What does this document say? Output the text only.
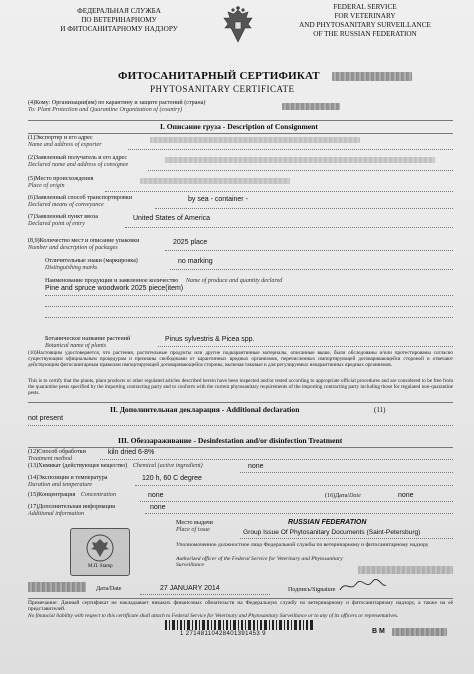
ФЕДЕРАЛЬНАЯ СЛУЖБА
ПО ВЕТЕРИНАРНОМУ
И ФИТОСАНИТАРНОМУ НАДЗОРУ
FEDERAL SERVICE
FOR VETERINARY
AND PHYTOSANITARY SURVEILLANCE
OF THE RUSSIAN FEDERATION
ФИТОСАНИТАРНЫЙ СЕРТИФИКАТ
PHYTOSANITARY CERTIFICATE
(4)Кому: Организации(ям) по карантину и защите растений (страна)
To: Plant Protection and Quarantine Organization of (country)
I. Описание груза - Description of Consignment
(1)Экспортер и его адрес
Name and address of exporter
(2)Заявленный получатель и его адрес
Declared name and address of consignee
(5)Место происхождения
Place of origin
(6)Заявленный способ транспортировки
Declared means of conveyance
by sea - container -
(7)Заявленный пункт ввоза
Declared point of entry
United States of America
(8,9)Количество мест и описание упаковки
Number and description of packages
2025 place
Отличительные знаки (маркировка)
Distinguishing marks
no marking
Наименование продукции и заявленное количество Name of produce and quantity declared
Pine and spruce woodwork 2025 piece(item)
Ботаническое название растений
Botanical name of plants
Pinus sylvestris & Picea spp.
(10)Настоящим удостоверяется, что растения, растительные продукты или другие подкарантинные материалы, описанные выше, были обследованы и/или протестированы согласно существующим официальным процедурам и признаны свободными от карантинных вредных организмов, перечисленных импортирующей договаривающейся стороной и отвечают действующим фитосанитарным правилам импортирующей договаривающейся стороны, включая таковые и для регулируемых некарантинных вредных организмов.
This is to certify that the plants, plant products or other regulated articles described herein have been inspected and/or tested according to appropriate official procedures and are considered to be free from the quarantine pests specified by the importing contracting party and to conform with the current phytosanitary requirements of the importing contracting party including those for regulated non-quarantine pests.
II. Дополнительная декларация - Additional declaration	(11)
not present
III. Обеззараживание - Desinfestation and/or disinfection Treatment
(12)Способ обработки
Treatment method
kiln dried 6-8%
(13)Химикат (действующее вещество) Chemical (active ingredient)	none
(14)Экспозиция и температура
Duration and temperature
120 h, 60 C degree
(15)Концентрация Concentration	none	(16)Дата/Date	none
(17)Дополнительная информация
Additional information
none
М.П. Stamp
Место выдачи
Place of issue
RUSSIAN FEDERATION
Group Issue Of Phytosanitary Documents (Saint-Petersburg)
Уполномоченное должностное лицо Федеральной службы по ветеринарному и фитосанитарному надзору
Authorized officer of the Federal Service for Veterinary and Phytosanitary Surveillance
Дата/Date	27 JANUARY 2014	Подпись/Signature
Примечание: Данный сертификат не накладывает никаких финансовых обязательств на Федеральную службу по ветеринарному и фитосанитарному надзору, а также на её представителей.
No financial liability with respect to this certificate shall attach to Federal Service for Veterinary and Phytosanitary Surveillance or to any of its officers or representatives.
1 27148110428401391453 9	В М
